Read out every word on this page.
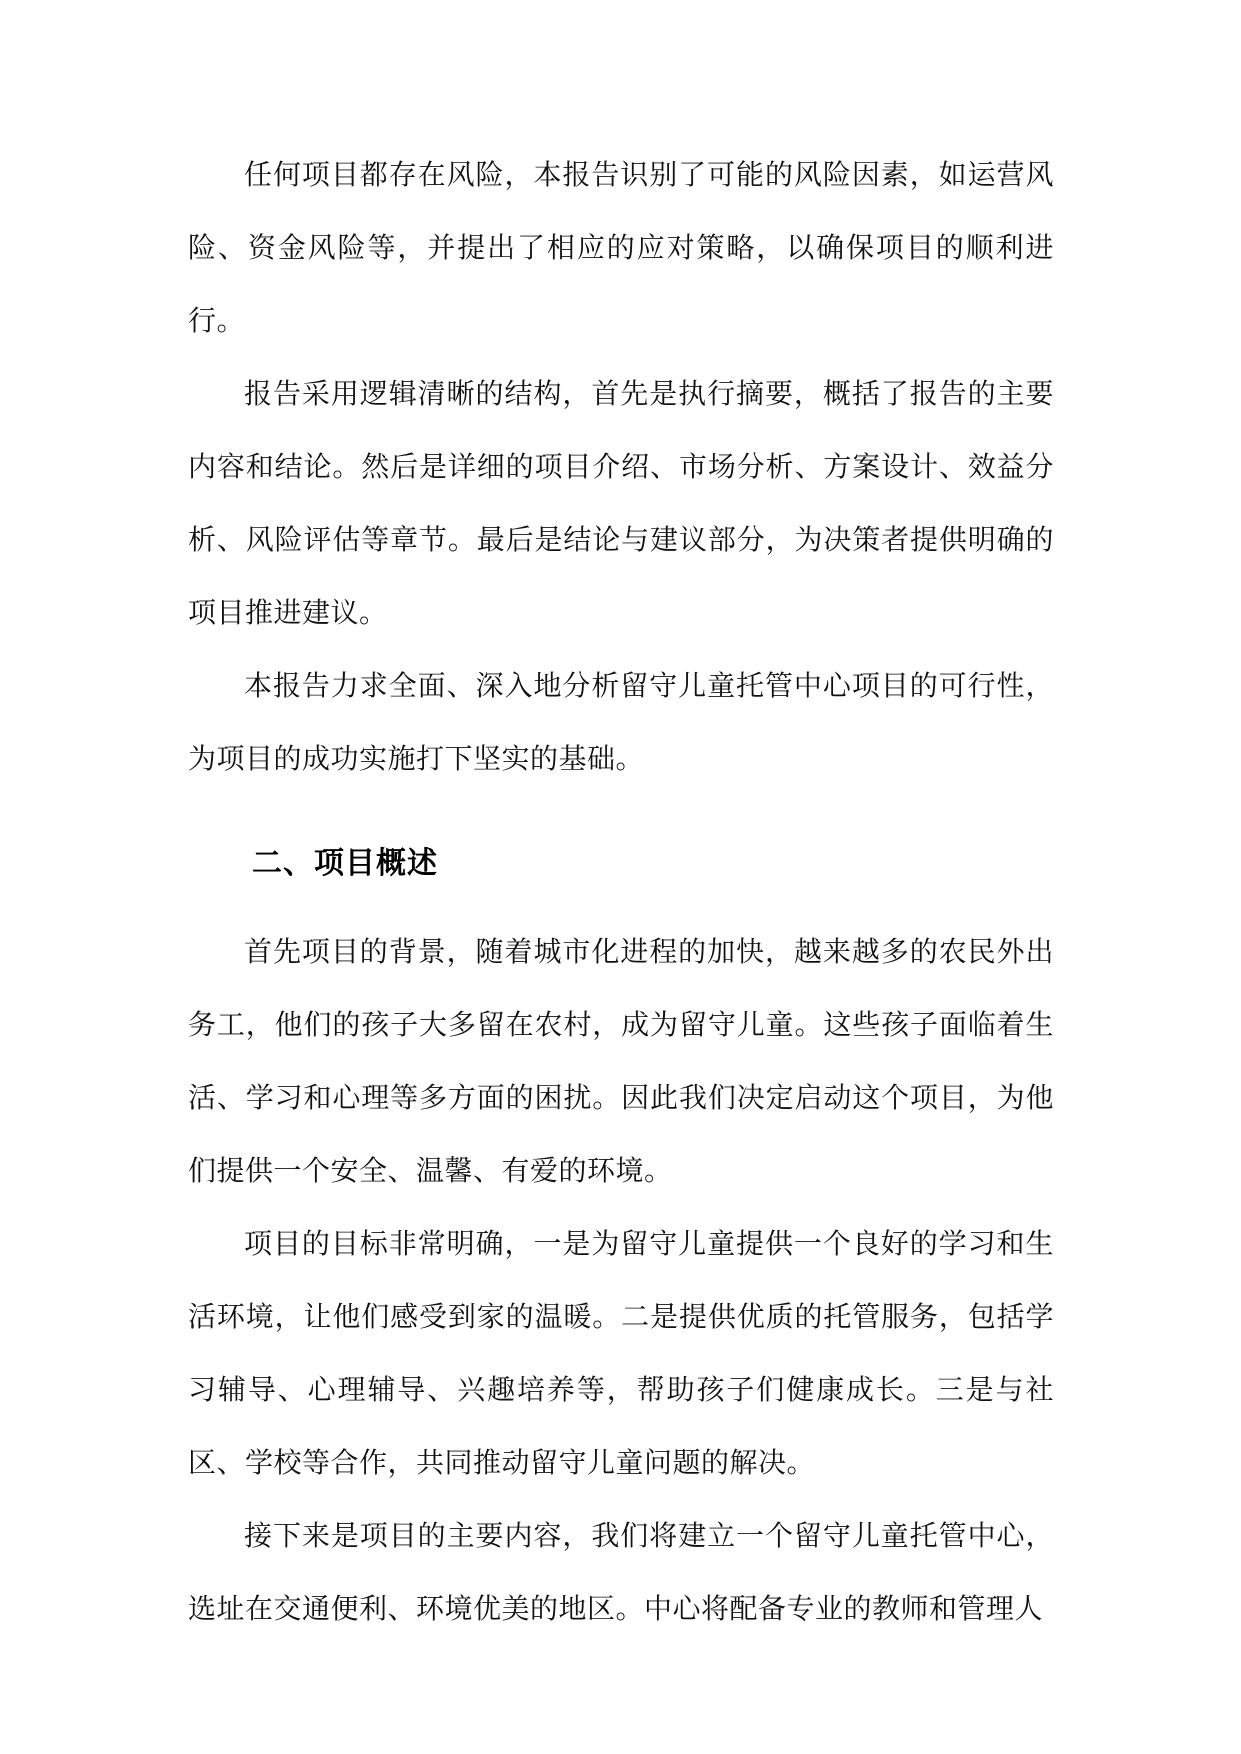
任何项目都存在风险，本报告识别了可能的风险因素，如运营风险、资金风险等，并提出了相应的应对策略，以确保项目的顺利进行。

报告采用逻辑清晰的结构，首先是执行摘要，概括了报告的主要内容和结论。然后是详细的项目介绍、市场分析、方案设计、效益分析、风险评估等章节。最后是结论与建议部分，为决策者提供明确的项目推进建议。

本报告力求全面、深入地分析留守儿童托管中心项目的可行性，为项目的成功实施打下坚实的基础。

二、项目概述

首先项目的背景，随着城市化进程的加快，越来越多的农民外出务工，他们的孩子大多留在农村，成为留守儿童。这些孩子面临着生活、学习和心理等多方面的困扰。因此我们决定启动这个项目，为他们提供一个安全、温馨、有爱的环境。

项目的目标非常明确，一是为留守儿童提供一个良好的学习和生活环境，让他们感受到家的温暖。二是提供优质的托管服务，包括学习辅导、心理辅导、兴趣培养等，帮助孩子们健康成长。三是与社区、学校等合作，共同推动留守儿童问题的解决。

接下来是项目的主要内容，我们将建立一个留守儿童托管中心，选址在交通便利、环境优美的地区。中心将配备专业的教师和管理人
